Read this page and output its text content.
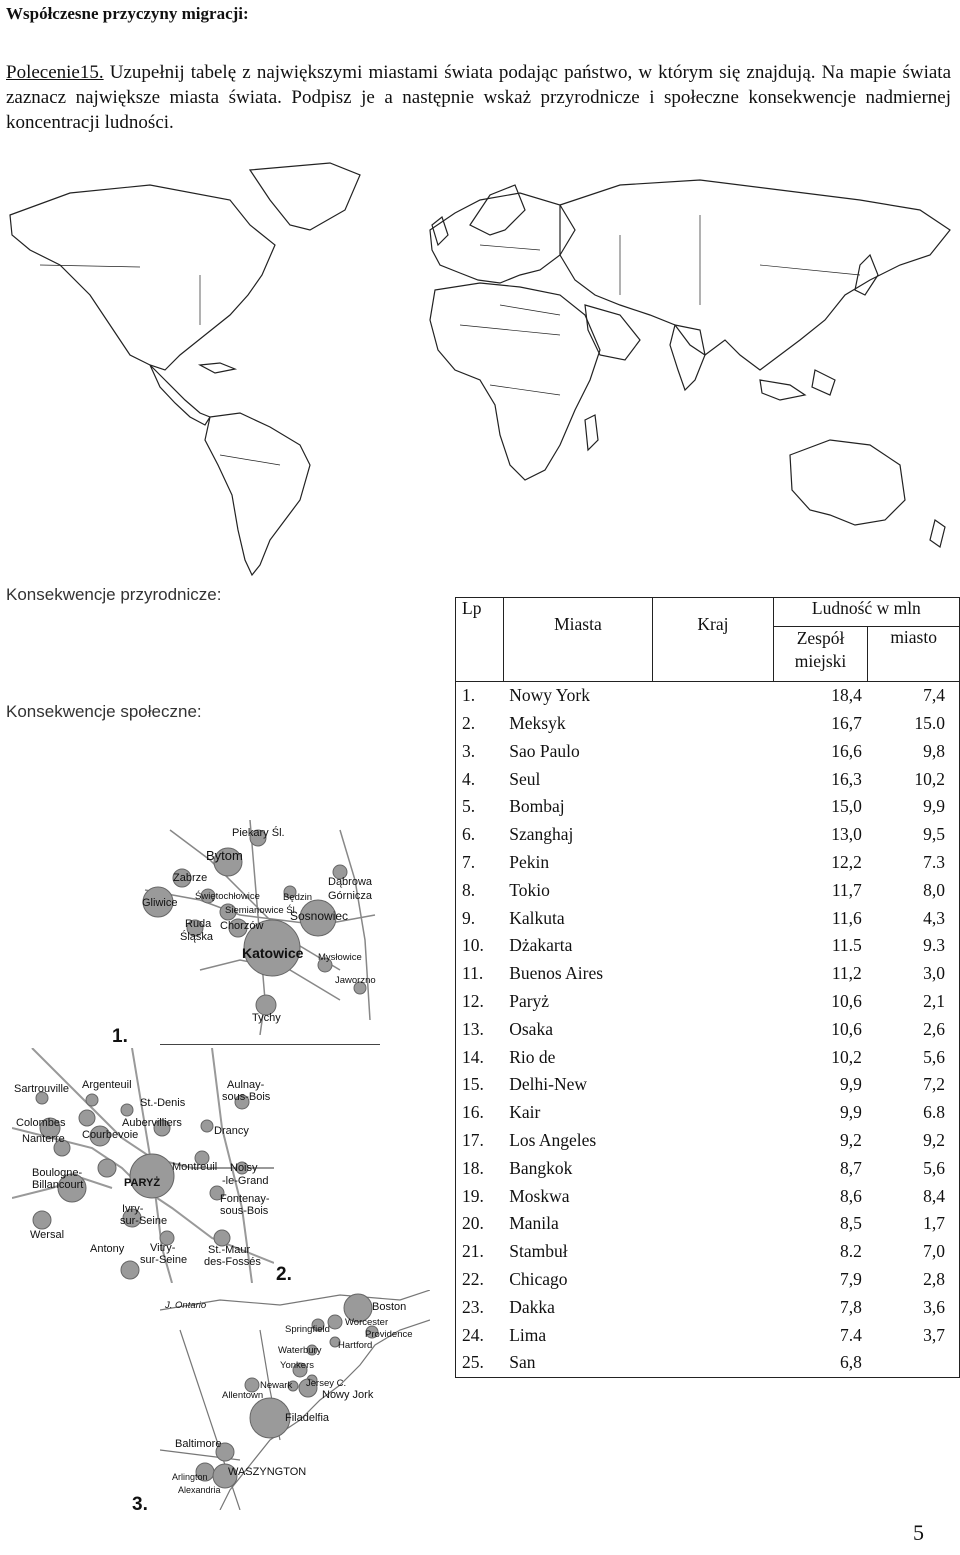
Współczesne przyczyny migracji:
Polecenie15. Uzupełnij tabelę z największymi miastami świata podając państwo, w którym się znajdują. Na mapie świata zaznacz największe miasta świata. Podpisz je a następnie wskaż przyrodnicze i społeczne konsekwencje nadmiernej koncentracji ludności.
Konsekwencje przyrodnicze:
Konsekwencje społeczne:
Piekary Śl.
Bytom
Zabrze
Świętochłowice Będzin
Dąbrowa
Górnicza
Gliwice
Siemianowice Śl.
Sosnowiec
Ruda
Śląska
Chorzów
Katowice Mysłowice
Jaworzno
Tychy
1.
Sartrouville Argenteuil	Aulnay-
sous-Bois
St.-Denis
Colombes	Aubervilliers
Drancy
Nanterre Courbevoie
Montreuil Noisy
-le-Grand
Boulogne-
Billancourt	PARYŻ
Fontenay-
sous-Bois
Ivry-
sur-Seine
Wersal
Antony Vitry-
sur-Seine
St.-Maur
des-Fossés
2.
J. Ontario	Boston
Springfield
Worcester
Providence
Hartford
Waterbury
Yonkers
Newark Jersey C.
Nowy Jork
Allentown
Filadelfia
Baltimore
Arlington
Alexandria
WASZYNGTON
3.
Lp	Miasta	Kraj	Ludność w mln	
			Zespół miejski	miasto
1.	Nowy York		18,4	7,4
2.	Meksyk		16,7	15.0
3.	Sao Paulo		16,6	9,8
4.	Seul		16,3	10,2
5.	Bombaj		15,0	9,9
6.	Szanghaj		13,0	9,5
7.	Pekin		12,2	7.3
8.	Tokio		11,7	8,0
9.	Kalkuta		11,6	4,3
10.	Dżakarta		11.5	9.3
11.	Buenos Aires		11,2	3,0
12.	Paryż		10,6	2,1
13.	Osaka		10,6	2,6
14.	Rio de		10,2	5,6
15.	Delhi-New		9,9	7,2
16.	Kair		9,9	6.8
17.	Los Angeles		9,2	9,2
18.	Bangkok		8,7	5,6
19.	Moskwa		8,6	8,4
20.	Manila		8,5	1,7
21.	Stambuł		8.2	7,0
22.	Chicago		7,9	2,8
23.	Dakka		7,8	3,6
24.	Lima		7.4	3,7
25.	San		6,8	
5
